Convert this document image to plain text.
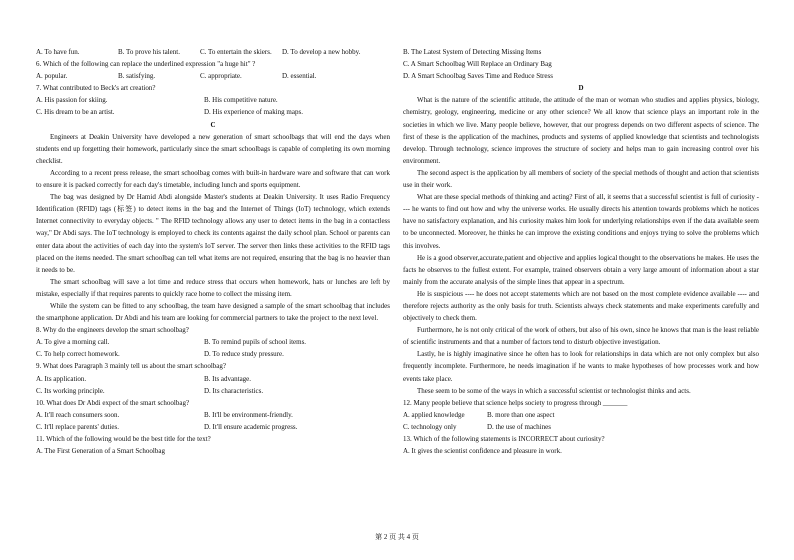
A. To have fun.	B. To prove his talent.	C. To entertain the skiers.	D. To develop a new hobby.
6. Which of the following can replace the underlined expression "a huge hit" ?
A. popular.	B. satisfying.	C. appropriate.	D. essential.
7. What contributed to Beck's art creation?
A. His passion for skiing.	B. His competitive nature.
C. His dream to be an artist.	D. His experience of making maps.
C

Engineers at Deakin University have developed a new generation of smart schoolbags that will end the days when students end up forgetting their homework, particularly since the smart schoolbags is capable of completing its own morning checklist.

According to a recent press release, the smart schoolbag comes with built-in hardware ware and software that can work to ensure it is packed correctly for each day's timetable, including lunch and sports equipment.

The bag was designed by Dr Hamid Abdi alongside Master's students at Deakin University. It uses Radio Frequency Identification (RFID) tags (标签) to detect items in the bag and the Internet of Things (IoT) technology, which extends Internet connectivity to everyday objects. " The RFID technology allows any user to detect items in the bag in a contactless way," Dr Abdi says. The IoT technology is employed to check its contents against the daily school plan. School or parents can enter data about the activities of each day into the system's IoT server. The server then links these activities to the RFID tags placed on the items needed. The smart schoolbag can tell what items are not required, ensuring that the bag is no heavier than it needs to be.

The smart schoolbag will save a lot time and reduce stress that occurs when homework, hats or lunches are left by mistake, especially if that requires parents to quickly race home to collect the missing item.

While the system can be fitted to any schoolbag, the team have designed a sample of the smart schoolbag that includes the smartphone application. Dr Abdi and his team are looking for commercial partners to take the project to the next level.

8. Why do the engineers develop the smart schoolbag?
A. To give a morning call.	B. To remind pupils of school items.
C. To help correct homework.	D. To reduce study pressure.
9. What does Paragraph 3 mainly tell us about the smart schoolbag?
A. Its application.	B. Its advantage.
C. Its working principle.	D. Its characteristics.
10. What does Dr Abdi expect of the smart schoolbag?
A. It'll reach consumers soon.	B. It'll be environment-friendly.
C. It'll replace parents' duties.	D. It'll ensure academic progress.
11. Which of the following would be the best title for the text?
A. The First Generation of a Smart Schoolbag
B. The Latest System of Detecting Missing Items
C. A Smart Schoolbag Will Replace an Ordinary Bag
D. A Smart Schoolbag Saves Time and Reduce Stress
D

What is the nature of the scientific attitude, the attitude of the man or woman who studies and applies physics, biology, chemistry, geology, engineering, medicine or any other science? We all know that science plays an important role in the societies in which we live. Many people believe, however, that our progress depends on two different aspects of science. The first of these is the application of the machines, products and systems of applied knowledge that scientists and technologists develop. Through technology, science improves the structure of society and helps man to gain increasing control over his environment.

The second aspect is the application by all members of society of the special methods of thought and action that scientists use in their work.

What are these special methods of thinking and acting? First of all, it seems that a successful scientist is full of curiosity ---- he wants to find out how and why the universe works. He usually directs his attention towards problems which he notices have no satisfactory explanation, and his curiosity makes him look for underlying relationships even if the data available seem to be unconnected. Moreover, he thinks he can improve the existing conditions and enjoys trying to solve the problems which this involves.

He is a good observer,accurate,patient and objective and applies logical thought to the observations he makes. He uses the facts he observes to the fullest extent. For example, trained observers obtain a very large amount of information about a star mainly from the accurate analysis of the simple lines that appear in a spectrum.

He is suspicious ---- he does not accept statements which are not based on the most complete evidence available ---- and therefore rejects authority as the only basis for truth. Scientists always check statements and make experiments carefully and objectively to check them.

Furthermore, he is not only critical of the work of others, but also of his own, since he knows that man is the least reliable of scientific instruments and that a number of factors tend to disturb objective investigation.

Lastly, he is highly imaginative since he often has to look for relationships in data which are not only complex but also frequently incomplete. Furthermore, he needs imagination if he wants to make hypotheses of how processes work and how events take place.

These seem to be some of the ways in which a successful scientist or technologist thinks and acts.

12. Many people believe that science helps society to progress through _______
A. applied knowledge	B. more than one aspect
C. technology only	D. the use of machines
13. Which of the following statements is INCORRECT about curiosity?
A. It gives the scientist confidence and pleasure in work.
第 2 页 共 4 页
